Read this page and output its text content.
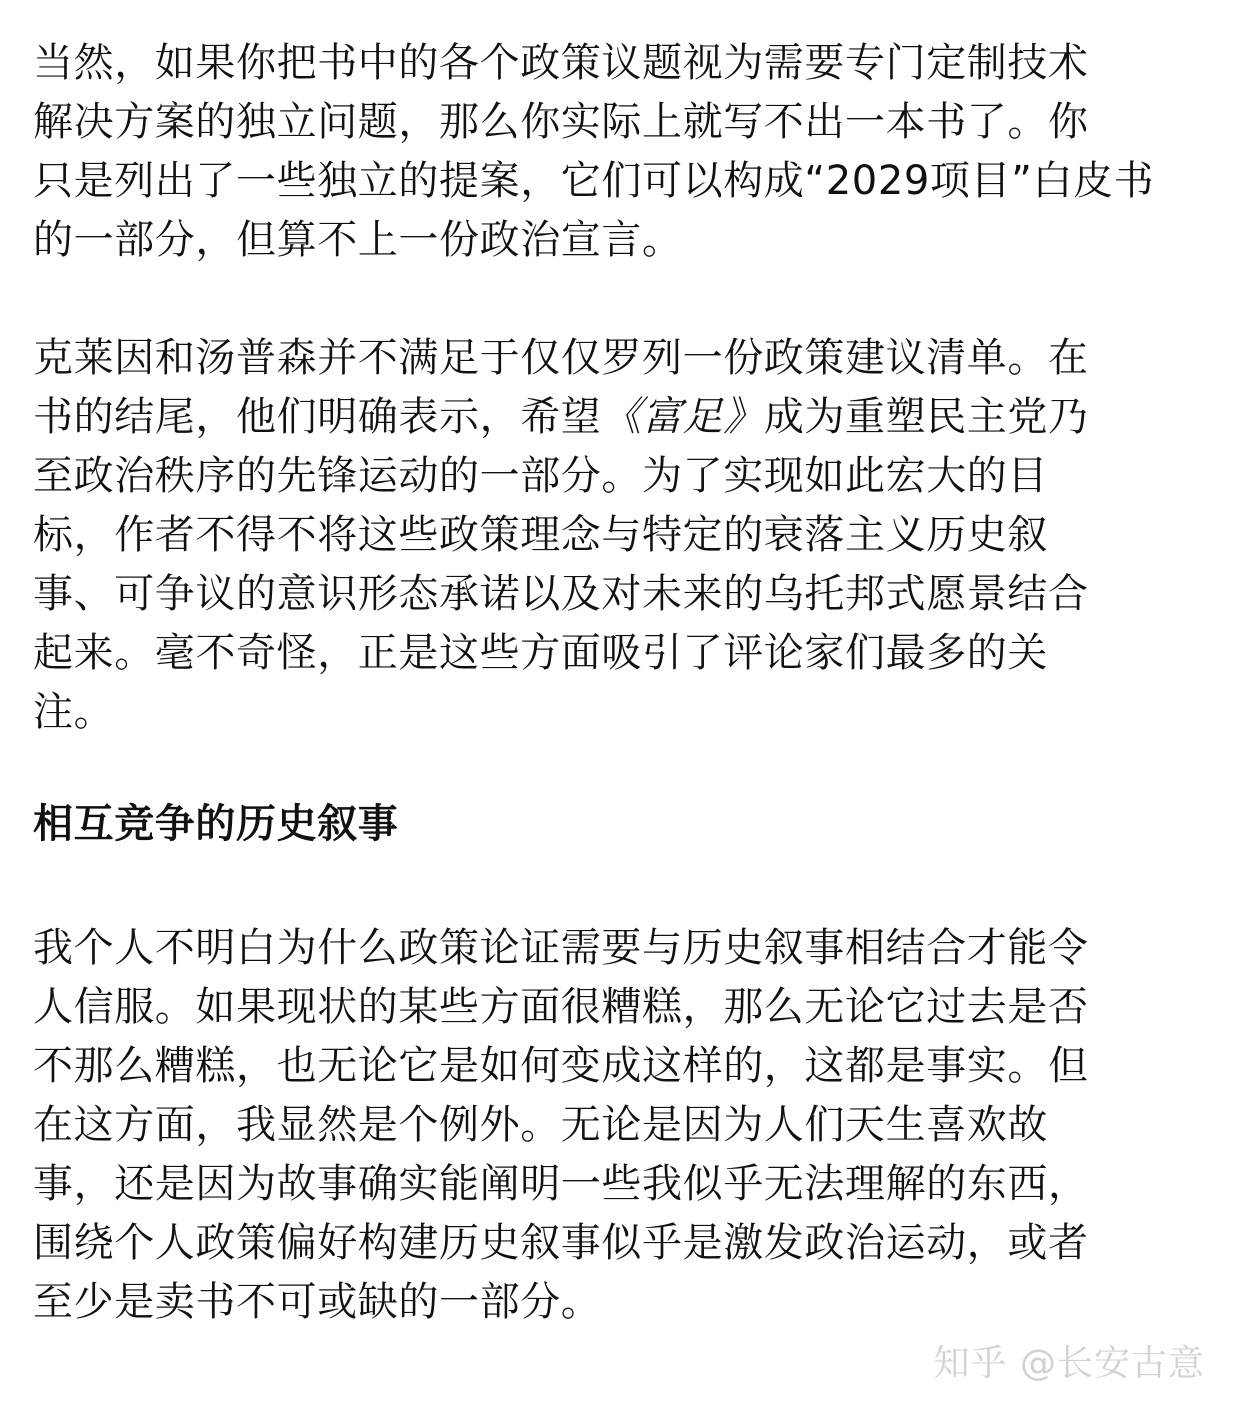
当然，如果你把书中的各个政策议题视为需要专门定制技术
解决方案的独立问题，那么你实际上就写不出一本书了。你
只是列出了一些独立的提案，它们可以构成“2029项目”白皮书
的一部分，但算不上一份政治宣言。

克莱因和汤普森并不满足于仅仅罗列一份政策建议清单。在
书的结尾，他们明确表示，希望《富足》成为重塑民主党乃
至政治秩序的先锋运动的一部分。为了实现如此宏大的目
标，作者不得不将这些政策理念与特定的衰落主义历史叙
事、可争议的意识形态承诺以及对未来的乌托邦式愿景结合
起来。毫不奇怪，正是这些方面吸引了评论家们最多的关
注。

相互竞争的历史叙事

我个人不明白为什么政策论证需要与历史叙事相结合才能令
人信服。如果现状的某些方面很糟糕，那么无论它过去是否
不那么糟糕，也无论它是如何变成这样的，这都是事实。但
在这方面，我显然是个例外。无论是因为人们天生喜欢故
事，还是因为故事确实能阐明一些我似乎无法理解的东西，
围绕个人政策偏好构建历史叙事似乎是激发政治运动，或者
至少是卖书不可或缺的一部分。

知乎 @长安古意
